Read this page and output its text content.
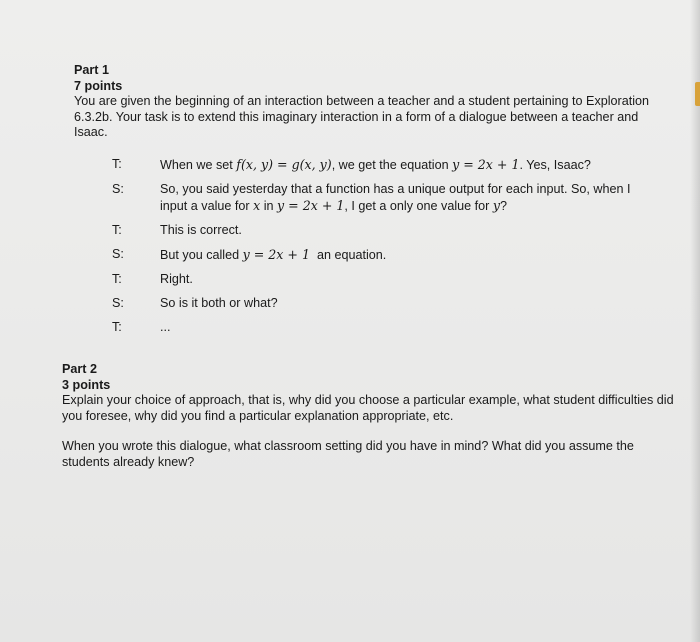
Part 1
7 points
You are given the beginning of an interaction between a teacher and a student pertaining to Exploration 6.3.2b. Your task is to extend this imaginary interaction in a form of a dialogue between a teacher and Isaac.
T:	When we set f(x, y) = g(x, y), we get the equation y = 2x + 1. Yes, Isaac?
S:	So, you said yesterday that a function has a unique output for each input. So, when I input a value for x in y = 2x + 1, I get a only one value for y?
T:	This is correct.
S:	But you called y = 2x + 1  an equation.
T:	Right.
S:	So is it both or what?
T:	...
Part 2
3 points
Explain your choice of approach, that is, why did you choose a particular example, what student difficulties did you foresee, why did you find a particular explanation appropriate, etc.
When you wrote this dialogue, what classroom setting did you have in mind? What did you assume the students already knew?
